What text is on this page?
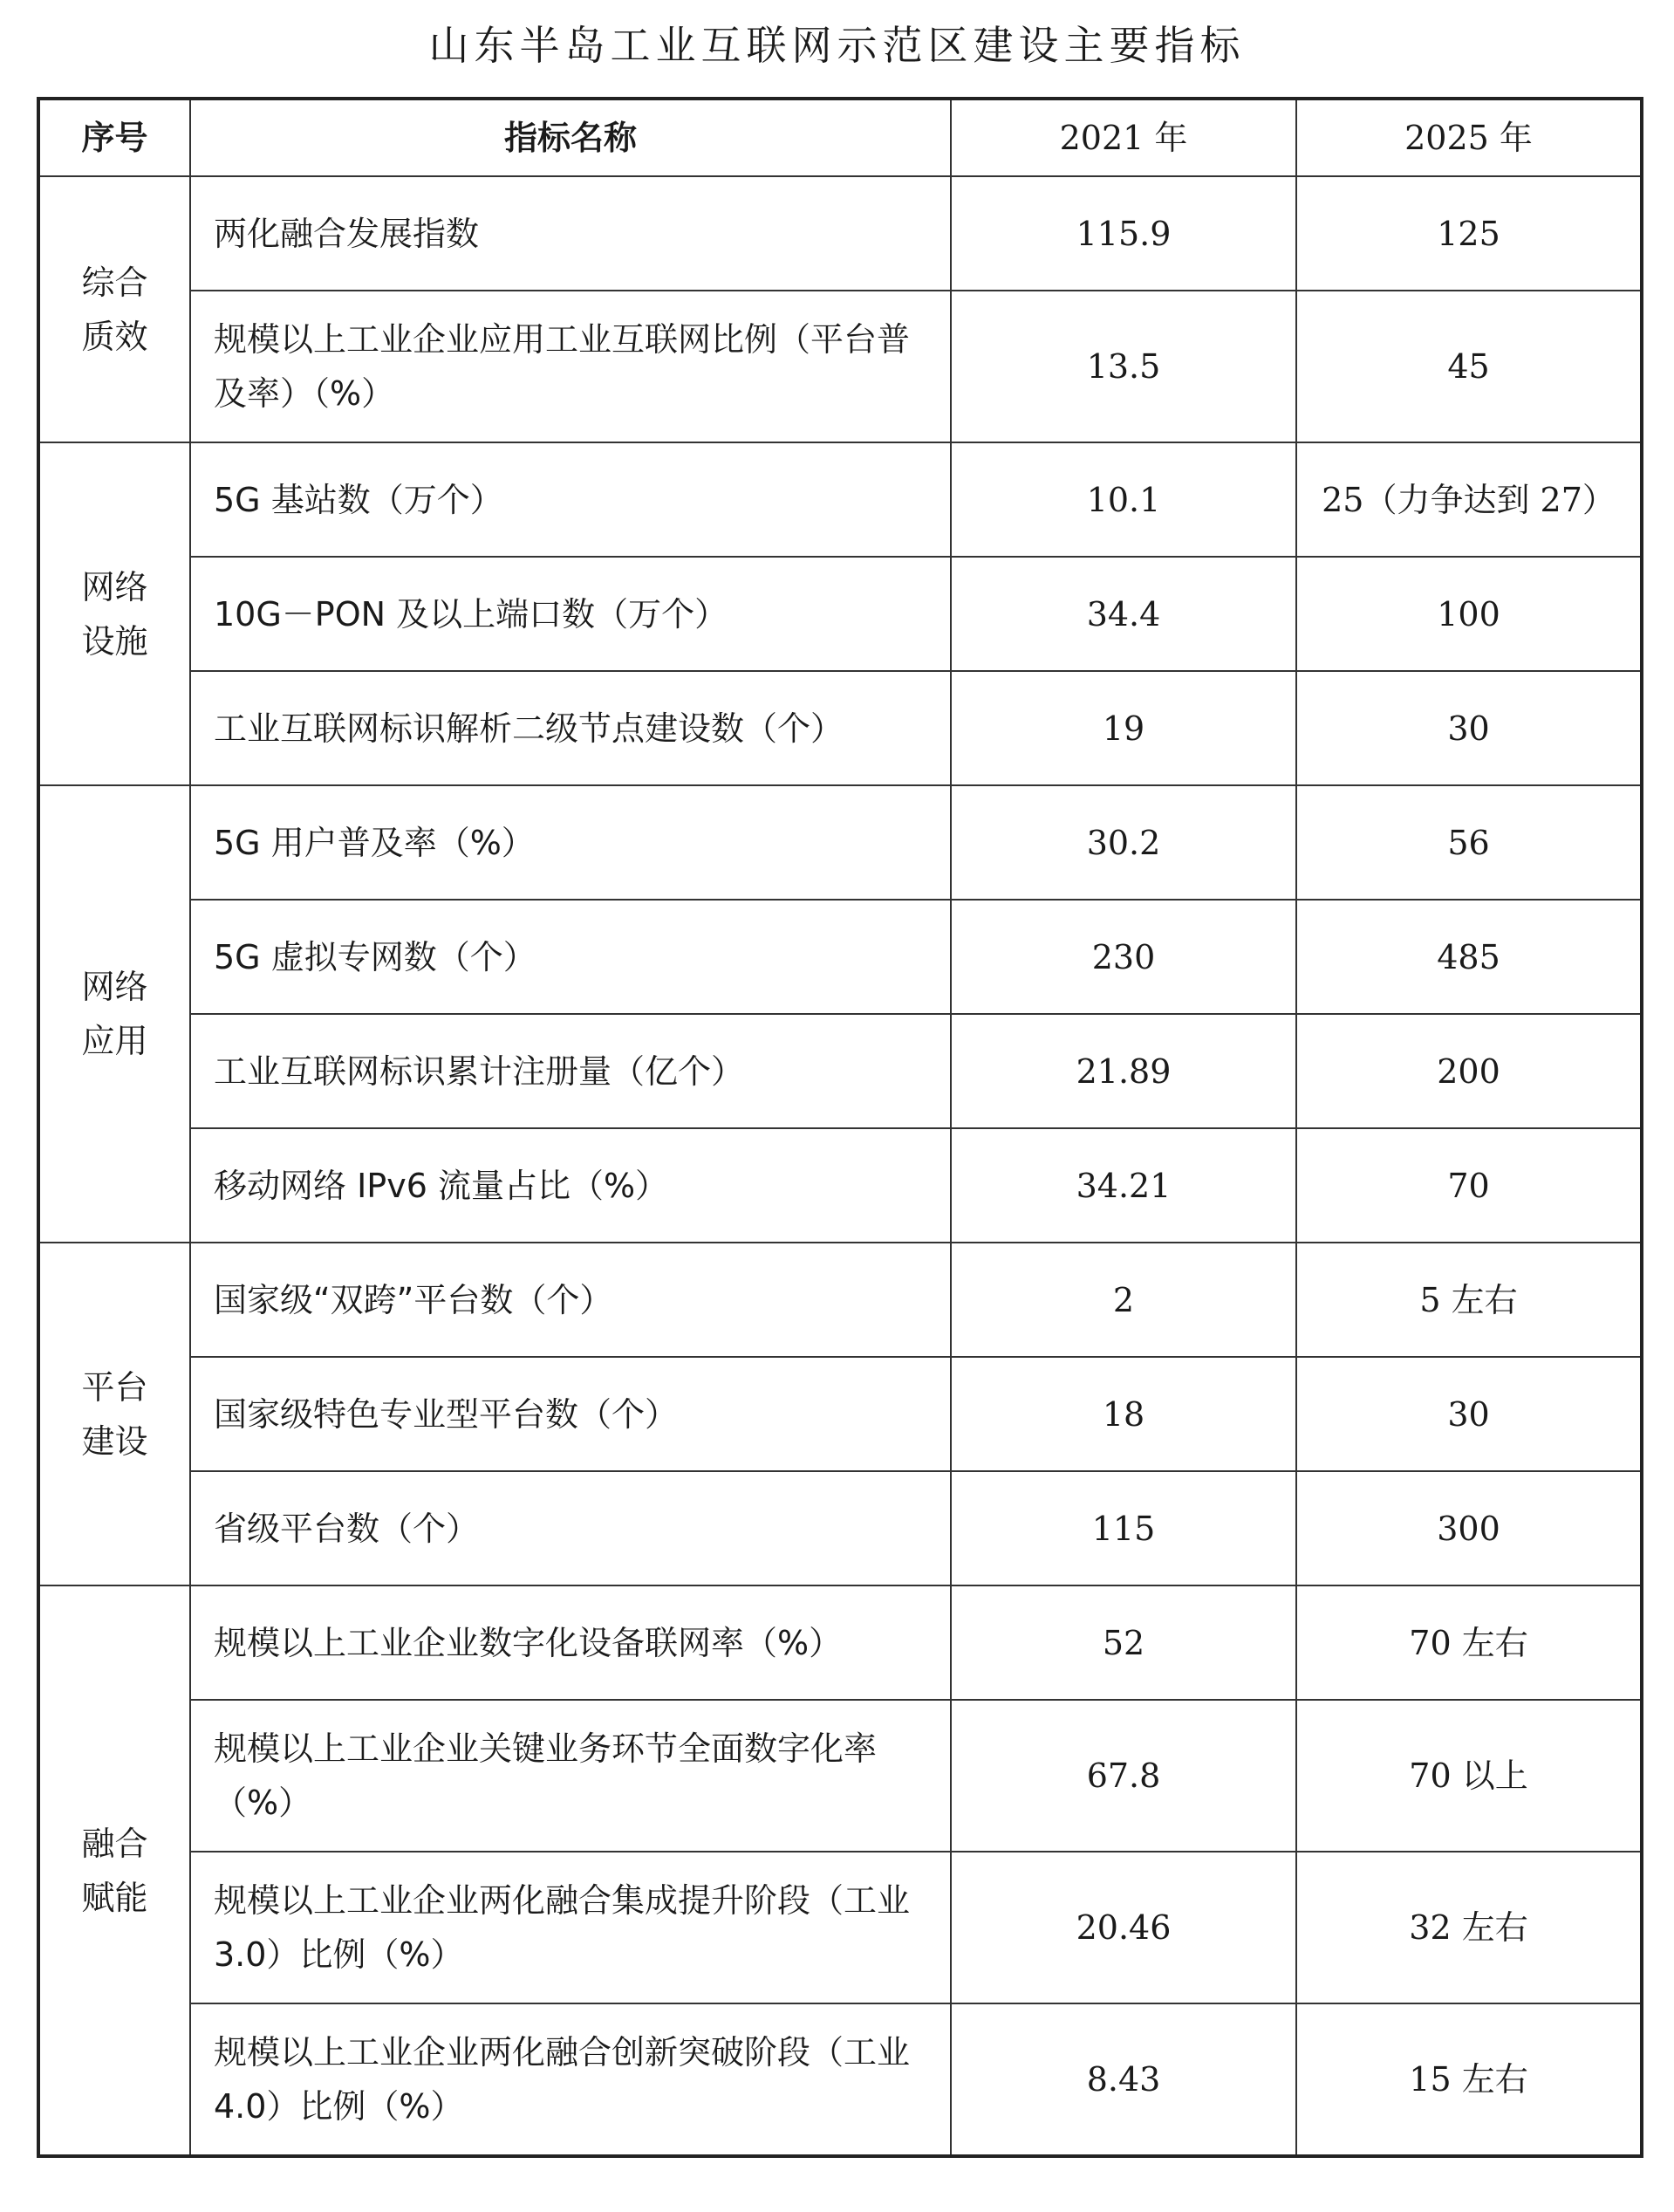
山东半岛工业互联网示范区建设主要指标
序号	指标名称	2021 年	2025 年

综合
质效	两化融合发展指数	115.9	125
	规模以上工业企业应用工业互联网比例（平台普及率）（%）	13.5	45

网络
设施	5G 基站数（万个）	10.1	25（力争达到 27）
	10G－PON 及以上端口数（万个）	34.4	100
	工业互联网标识解析二级节点建设数（个）	19	30

网络
应用	5G 用户普及率（%）	30.2	56
	5G 虚拟专网数（个）	230	485
	工业互联网标识累计注册量（亿个）	21.89	200
	移动网络 IPv6 流量占比（%）	34.21	70

平台
建设	国家级“双跨”平台数（个）	2	5 左右
	国家级特色专业型平台数（个）	18	30
	省级平台数（个）	115	300

融合
赋能	规模以上工业企业数字化设备联网率（%）	52	70 左右
	规模以上工业企业关键业务环节全面数字化率（%）	67.8	70 以上
	规模以上工业企业两化融合集成提升阶段（工业 3.0）比例（%）	20.46	32 左右
	规模以上工业企业两化融合创新突破阶段（工业 4.0）比例（%）	8.43	15 左右
